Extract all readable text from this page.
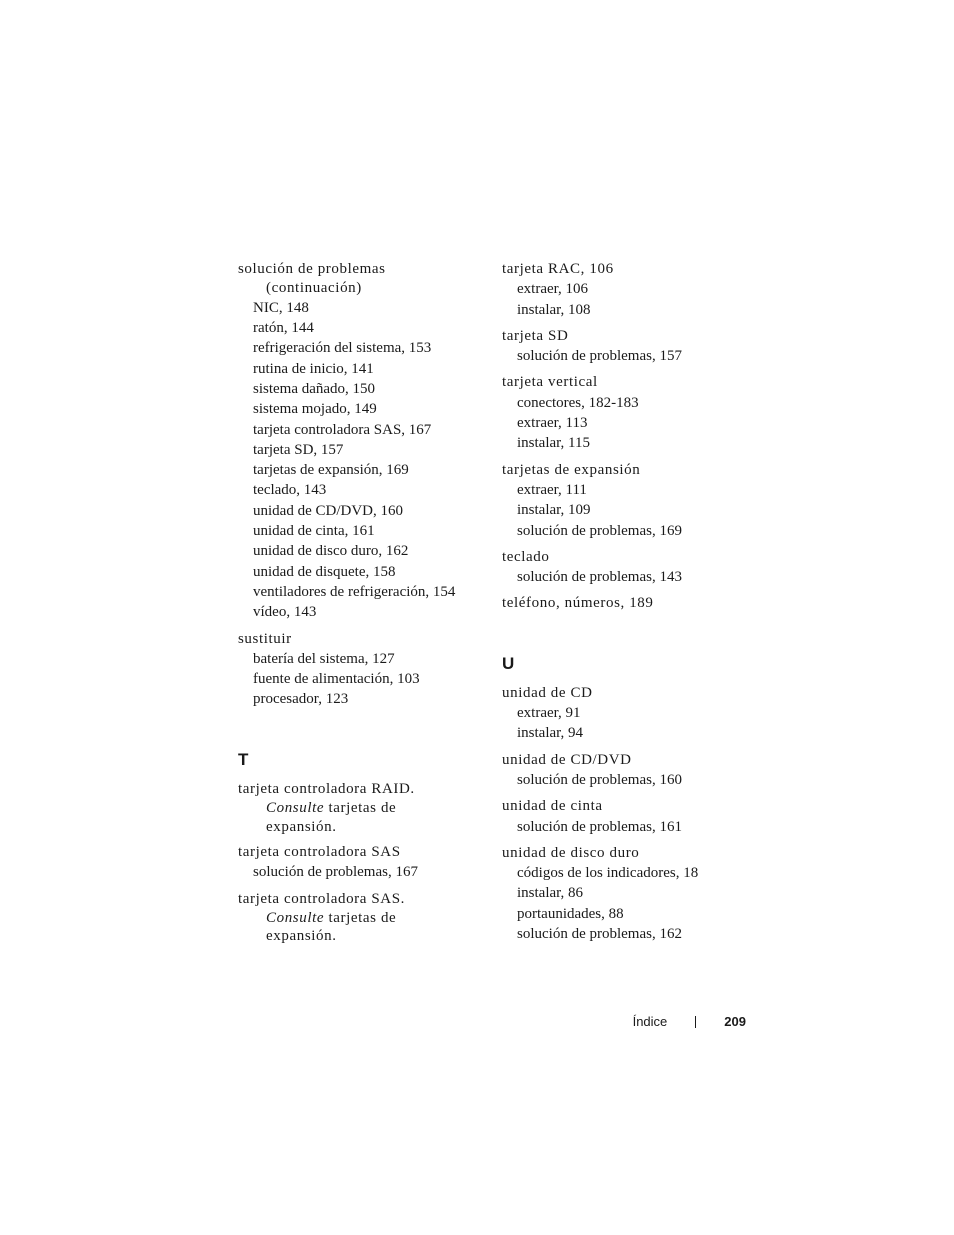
solución de problemas
(continuación)
NIC, 148
ratón, 144
refrigeración del sistema, 153
rutina de inicio, 141
sistema dañado, 150
sistema mojado, 149
tarjeta controladora SAS, 167
tarjeta SD, 157
tarjetas de expansión, 169
teclado, 143
unidad de CD/DVD, 160
unidad de cinta, 161
unidad de disco duro, 162
unidad de disquete, 158
ventiladores de refrigeración, 154
vídeo, 143
sustituir
batería del sistema, 127
fuente de alimentación, 103
procesador, 123
T
tarjeta controladora RAID.
Consulte tarjetas de
expansión.
tarjeta controladora SAS
solución de problemas, 167
tarjeta controladora SAS.
Consulte tarjetas de
expansión.
tarjeta RAC, 106
extraer, 106
instalar, 108
tarjeta SD
solución de problemas, 157
tarjeta vertical
conectores, 182-183
extraer, 113
instalar, 115
tarjetas de expansión
extraer, 111
instalar, 109
solución de problemas, 169
teclado
solución de problemas, 143
teléfono, números, 189
U
unidad de CD
extraer, 91
instalar, 94
unidad de CD/DVD
solución de problemas, 160
unidad de cinta
solución de problemas, 161
unidad de disco duro
códigos de los indicadores, 18
instalar, 86
portaunidades, 88
solución de problemas, 162
Índice	209
